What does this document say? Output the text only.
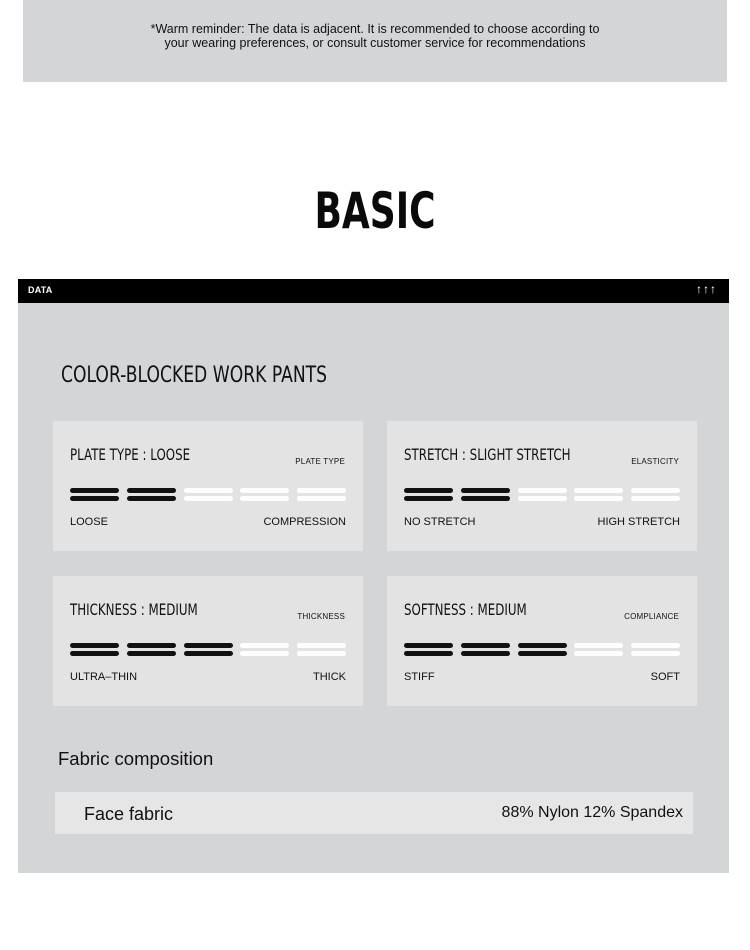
*Warm reminder: The data is adjacent. It is recommended to choose according to
your wearing preferences, or consult customer service for recommendations
BASIC
DATA	↑↑↑
COLOR-BLOCKED WORK PANTS
PLATE TYPE : LOOSE	PLATE TYPE
LOOSE	COMPRESSION
STRETCH : SLIGHT STRETCH	ELASTICITY
NO STRETCH	HIGH STRETCH
THICKNESS : MEDIUM	THICKNESS
ULTRA–THIN	THICK
SOFTNESS : MEDIUM	COMPLIANCE
STIFF	SOFT
Fabric composition
Face fabric	88% Nylon 12% Spandex
